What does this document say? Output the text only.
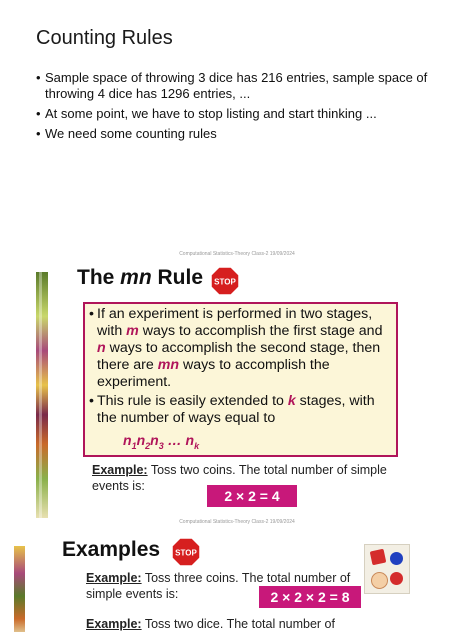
Counting Rules
• Sample space of throwing 3 dice has 216 entries, sample space of throwing 4 dice has 1296 entries, ...
• At some point, we have to stop listing and start thinking ...
• We need some counting rules
Computational Statistics-Theory Class-2 19/09/2024
The mn Rule STOP
• If an experiment is performed in two stages, with m ways to accomplish the first stage and n ways to accomplish the second stage, then there are mn ways to accomplish the experiment.
• This rule is easily extended to k stages, with the number of ways equal to
$n_1n_2n_3$ … $n_k$
Example: Toss two coins. The total number of simple events is:
2 × 2 = 4
Computational Statistics-Theory Class-2 19/09/2024
Examples STOP
Example: Toss three coins. The total number of simple events is:	2 × 2 × 2 = 8
Example: Toss two dice. The total number of
